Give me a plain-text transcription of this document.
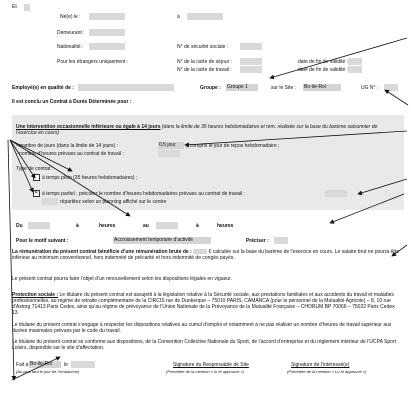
Et
Né(e) le :	à
Demeurant :
Nationalité :	N° de sécurité sociale :
Pour les étrangers uniquement :	N° de la carte de séjour :	date de fin de validité :
N° de la carte de travail :	date de fin de validité :
Employé(e) en qualité de :	Groupe : Groupe 1	sur le Site : Bo-ile-Roi	UG N° :
Il est conclu un Contrat à Durée Déterminée pour :
Une intervention occasionnelle inférieure ou égale à 14 jours (dans la limite de 35 heures hebdomadaires et rém. réalisée sur la base du barème saisonnier de l’exercice en cours)
- nombre de jours (dans la limite de 14 jours) :	0.5 jour	y compris le jour de repos hebdomadaire ;
- nombre d’heures prévues au contrat de travail :
Type de contrat :
à temps plein (35 heures hebdomadaires) ;
✕
à temps partiel ; précisez le nombre d’heures hebdomadaires prévues au contrat de travail :
répartitez selon un planning affiché sur le centre
Du	à	heures	au	à	heures
Pour le motif suivant :	Accroissement temporaire d’activité	Préciser :
La rémunération du présent contrat bénéficie d’une rémunération brute de :	€ calculée sur la base du barème de l’exercice en cours. Le salaire brut ne pourra être inférieur au minimum conventionnel, hors indemnité de précarité et hors indemnité de congés payés.
Le présent contrat pourra faire l’objet d’un renouvellement selon les dispositions légales en vigueur.
Protection sociale : Le titulaire du présent contrat est assujetti à la législation relative à la Sécurité sociale, aux prestations familiales et aux accidents du travail et maladies professionnelles, au régime de retraite complémentaire de la CIRCIS rue de Dunkerque – 75010 PARIS, CAMARCA (pour le personnel de la Mutualité Agricole) – 8, 10 rue d’Astorg 71413 Paris Cedex, ainsi qu’au régime de prévoyance de l’Union Nationale de la Prévoyance de la Mutualité Française – CHORUM BP 70066 – 75022 Paris Cedex 13.
Le titulaire du présent contrat s’engage à respecter les dispositions relatives au cumul d’emploi et notamment à ne pas réaliser un nombre d’heures de travail supérieur aux durées maximales prévues par le code du travail.
Le titulaire du présent contrat se conforme aux dispositions, de la Convention Collective Nationale du Sport, de l’accord d’entreprise et du règlement intérieur de l’UCPA Sport Loisirs, disponible sur le site d’affectation.
Fait à Bo-ile-Roi	le
(Au plus tard le jour de l’embauche)
Signature du Responsable de Site
(Précédée de la mention « lu et approuvé »)
Signature de l’intéressé(e)
(Précédée de la mention « Lu et approuvé »)
